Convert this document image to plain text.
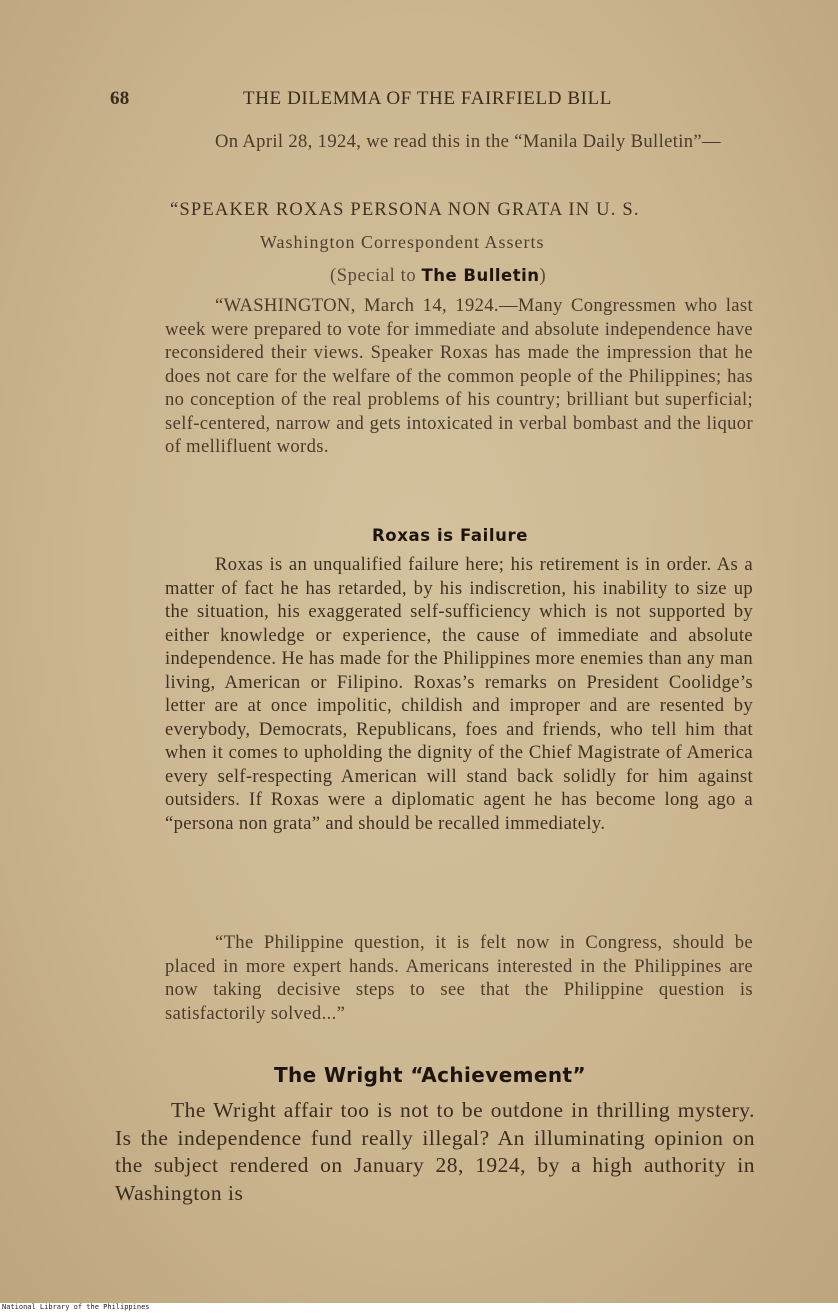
68	THE DILEMMA OF THE FAIRFIELD BILL

On April 28, 1924, we read this in the “Manila Daily Bulletin”—

“SPEAKER ROXAS PERSONA NON GRATA IN U. S.
Washington Correspondent Asserts
(Special to The Bulletin)

“WASHINGTON, March 14, 1924.—Many Congressmen who last week were prepared to vote for immediate and absolute independence have reconsidered their views. Speaker Roxas has made the impression that he does not care for the welfare of the common people of the Philippines; has no conception of the real problems of his country; brilliant but superficial; self-centered, narrow and gets intoxicated in verbal bombast and the liquor of mellifluent words.

Roxas is Failure

Roxas is an unqualified failure here; his retirement is in order. As a matter of fact he has retarded, by his indiscretion, his inability to size up the situation, his exaggerated self-sufficiency which is not supported by either knowledge or experience, the cause of immediate and absolute independence. He has made for the Philippines more enemies than any man living, American or Filipino. Roxas’s remarks on President Coolidge’s letter are at once impolitic, childish and improper and are resented by everybody, Democrats, Republicans, foes and friends, who tell him that when it comes to upholding the dignity of the Chief Magistrate of America every self-respecting American will stand back solidly for him against outsiders. If Roxas were a diplomatic agent he has become long ago a “persona non grata” and should be recalled immediately.

“The Philippine question, it is felt now in Congress, should be placed in more expert hands. Americans interested in the Philippines are now taking decisive steps to see that the Philippine question is satisfactorily solved...”

The Wright “Achievement”

The Wright affair too is not to be outdone in thrilling mystery. Is the independence fund really illegal? An illuminating opinion on the subject rendered on January 28, 1924, by a high authority in Washington is

National Library of the Philippines
